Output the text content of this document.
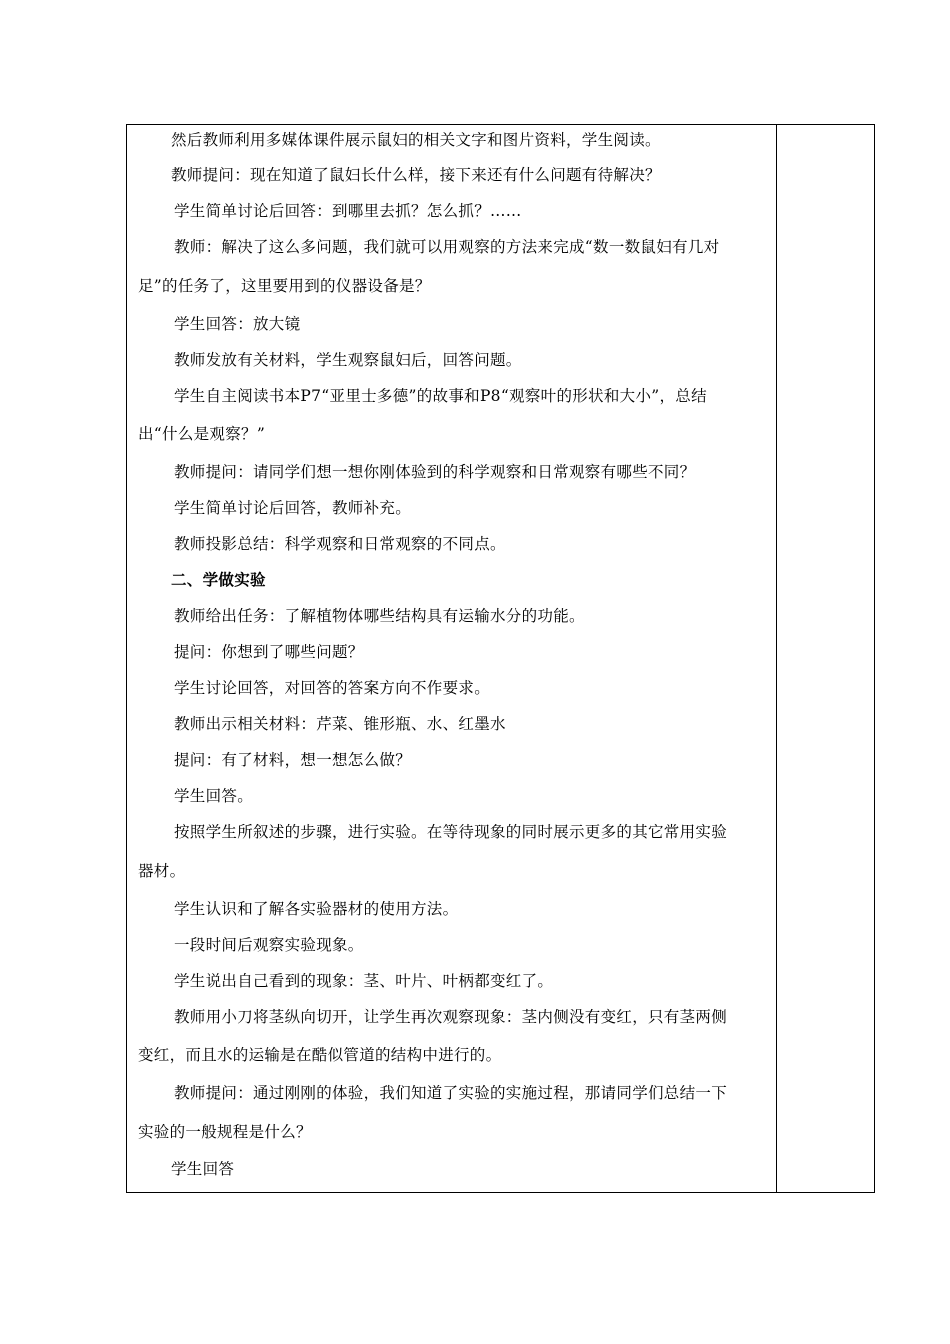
然后教师利用多媒体课件展示鼠妇的相关文字和图片资料，学生阅读。
教师提问：现在知道了鼠妇长什么样，接下来还有什么问题有待解决？
学生简单讨论后回答：到哪里去抓？怎么抓？……
教师：解决了这么多问题，我们就可以用观察的方法来完成“数一数鼠妇有几对
足”的任务了，这里要用到的仪器设备是？
学生回答：放大镜
教师发放有关材料，学生观察鼠妇后，回答问题。
学生自主阅读书本P7“亚里士多德”的故事和P8“观察叶的形状和大小”，总结
出“什么是观察？”
教师提问：请同学们想一想你刚体验到的科学观察和日常观察有哪些不同？
学生简单讨论后回答，教师补充。
教师投影总结：科学观察和日常观察的不同点。
二、学做实验
教师给出任务：了解植物体哪些结构具有运输水分的功能。
提问：你想到了哪些问题？
学生讨论回答，对回答的答案方向不作要求。
教师出示相关材料：芹菜、锥形瓶、水、红墨水
提问：有了材料，想一想怎么做？
学生回答。
按照学生所叙述的步骤，进行实验。在等待现象的同时展示更多的其它常用实验
器材。
学生认识和了解各实验器材的使用方法。
一段时间后观察实验现象。
学生说出自己看到的现象：茎、叶片、叶柄都变红了。
教师用小刀将茎纵向切开，让学生再次观察现象：茎内侧没有变红，只有茎两侧
变红，而且水的运输是在酷似管道的结构中进行的。
教师提问：通过刚刚的体验，我们知道了实验的实施过程，那请同学们总结一下
实验的一般规程是什么？
学生回答
